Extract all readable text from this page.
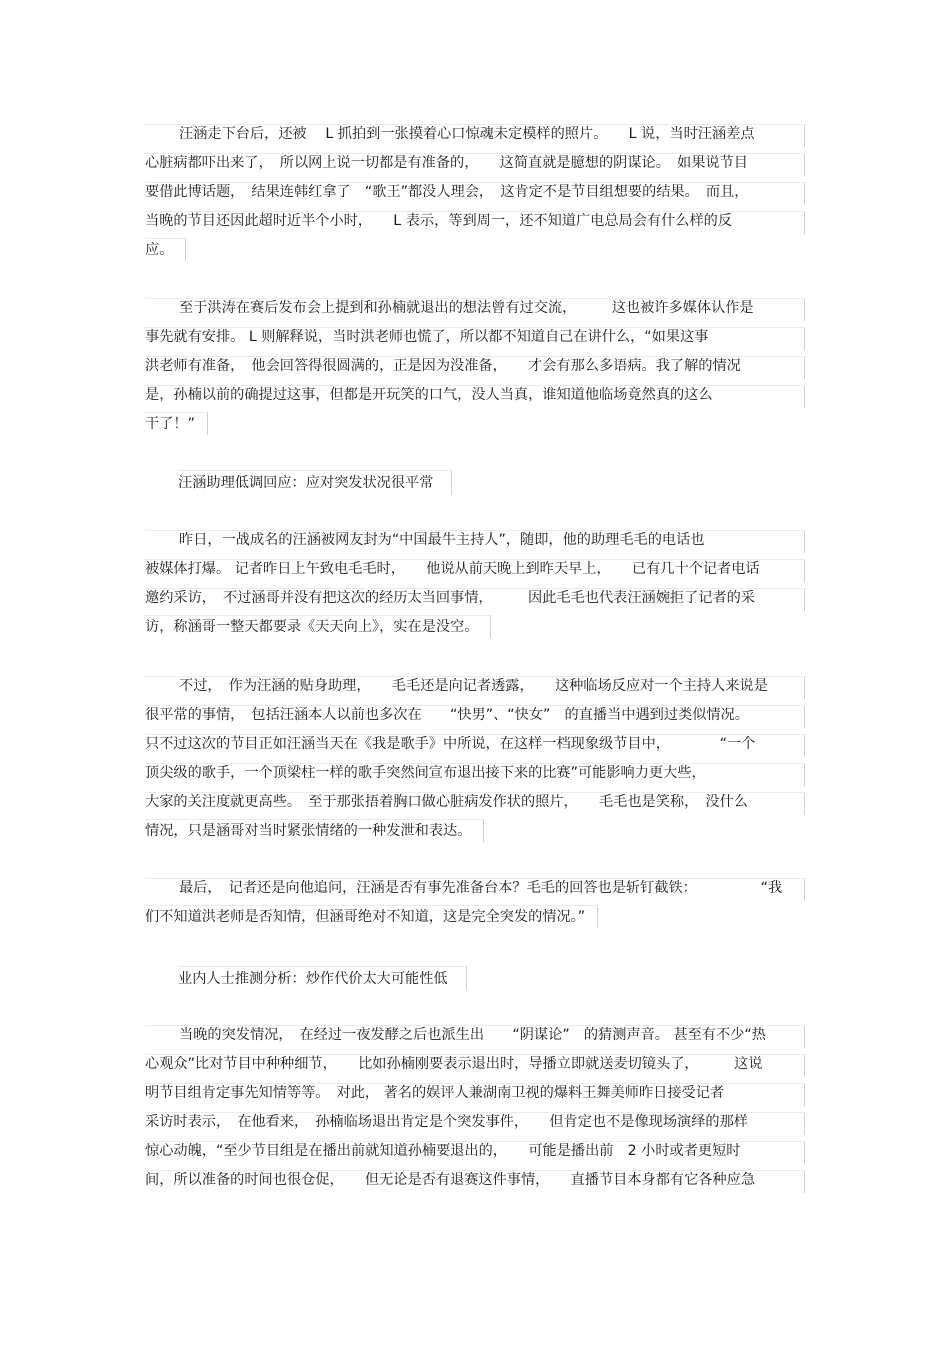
汪涵走下台后，还被　 L 抓拍到一张摸着心口惊魂未定模样的照片。　　L 说，当时汪涵差点
心脏病都吓出来了，　所以网上说一切都是有准备的，　　这简直就是臆想的阴谋论。　如果说节目
要借此博话题，　结果连韩红拿了　“歌王”都没人理会，　这肯定不是节目组想要的结果。　而且，
当晚的节目还因此超时近半个小时，　　L 表示，等到周一，还不知道广电总局会有什么样的反
应。
至于洪涛在赛后发布会上提到和孙楠就退出的想法曾有过交流，　　　这也被许多媒体认作是
事先就有安排。 L 则解释说，当时洪老师也慌了，所以都不知道自己在讲什么，“如果这事
洪老师有准备，　他会回答得很圆满的，正是因为没准备，　　才会有那么多语病。我了解的情况
是，孙楠以前的确提过这事，但都是开玩笑的口气，没人当真，谁知道他临场竟然真的这么
干了！”
汪涵助理低调回应：应对突发状况很平常
昨日，一战成名的汪涵被网友封为“中国最牛主持人”，随即，他的助理毛毛的电话也
被媒体打爆。 记者昨日上午致电毛毛时，　　他说从前天晚上到昨天早上，　　已有几十个记者电话
邀约采访，　不过涵哥并没有把这次的经历太当回事情，　　　因此毛毛也代表汪涵婉拒了记者的采
访，称涵哥一整天都要录《天天向上》，实在是没空。
不过，　作为汪涵的贴身助理，　　毛毛还是向记者透露，　　这种临场反应对一个主持人来说是
很平常的事情，　包括汪涵本人以前也多次在　　“快男”、“快女”　的直播当中遇到过类似情况。
只不过这次的节目正如汪涵当天在《我是歌手》中所说，在这样一档现象级节目中，　　　　“一个
顶尖级的歌手，一个顶梁柱一样的歌手突然间宣布退出接下来的比赛”可能影响力更大些，
大家的关注度就更高些。　至于那张捂着胸口做心脏病发作状的照片，　　毛毛也是笑称，　没什么
情况，只是涵哥对当时紧张情绪的一种发泄和表达。
最后，　记者还是向他追问，汪涵是否有事先准备台本？毛毛的回答也是斩钉截铁：　　　　　“我
们不知道洪老师是否知情，但涵哥绝对不知道，这是完全突发的情况。”
业内人士推测分析：炒作代价太大可能性低
当晚的突发情况，　在经过一夜发酵之后也派生出　　“阴谋论”　的猜测声音。 甚至有不少“热
心观众”比对节目中种种细节，　　比如孙楠刚要表示退出时，导播立即就送麦切镜头了，　　　这说
明节目组肯定事先知情等等。　对此， 著名的娱评人兼湖南卫视的爆料王舞美师昨日接受记者
采访时表示，　在他看来，　孙楠临场退出肯定是个突发事件，　　但肯定也不是像现场演绎的那样
惊心动魄，“至少节目组是在播出前就知道孙楠要退出的，　　可能是播出前　2 小时或者更短时
间，所以准备的时间也很仓促，　　但无论是否有退赛这件事情，　　直播节目本身都有它各种应急
